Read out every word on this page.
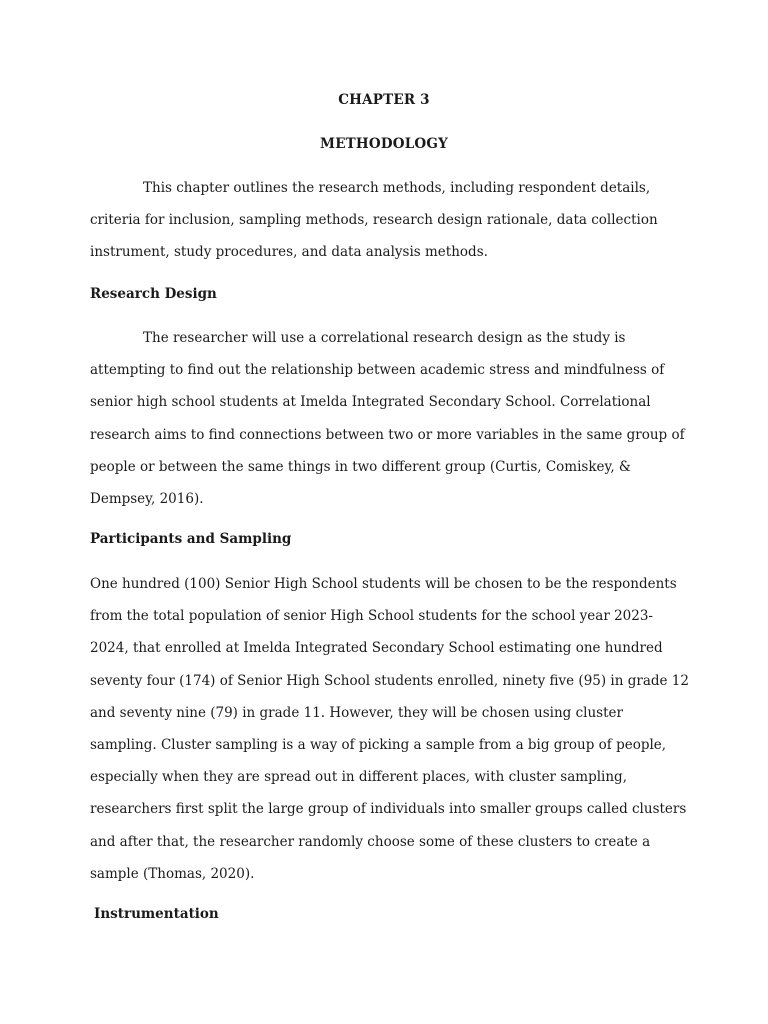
CHAPTER 3
METHODOLOGY
This chapter outlines the research methods, including respondent details,
criteria for inclusion, sampling methods, research design rationale, data collection
instrument, study procedures, and data analysis methods.
Research Design
The researcher will use a correlational research design as the study is
attempting to find out the relationship between academic stress and mindfulness of
senior high school students at Imelda Integrated Secondary School. Correlational
research aims to find connections between two or more variables in the same group of
people or between the same things in two different group (Curtis, Comiskey, &
Dempsey, 2016).
Participants and Sampling
One hundred (100) Senior High School students will be chosen to be the respondents
from the total population of senior High School students for the school year 2023-
2024, that enrolled at Imelda Integrated Secondary School estimating one hundred
seventy four (174) of Senior High School students enrolled, ninety five (95) in grade 12
and seventy nine (79) in grade 11. However, they will be chosen using cluster
sampling. Cluster sampling is a way of picking a sample from a big group of people,
especially when they are spread out in different places, with cluster sampling,
researchers first split the large group of individuals into smaller groups called clusters
and after that, the researcher randomly choose some of these clusters to create a
sample (Thomas, 2020).
Instrumentation
